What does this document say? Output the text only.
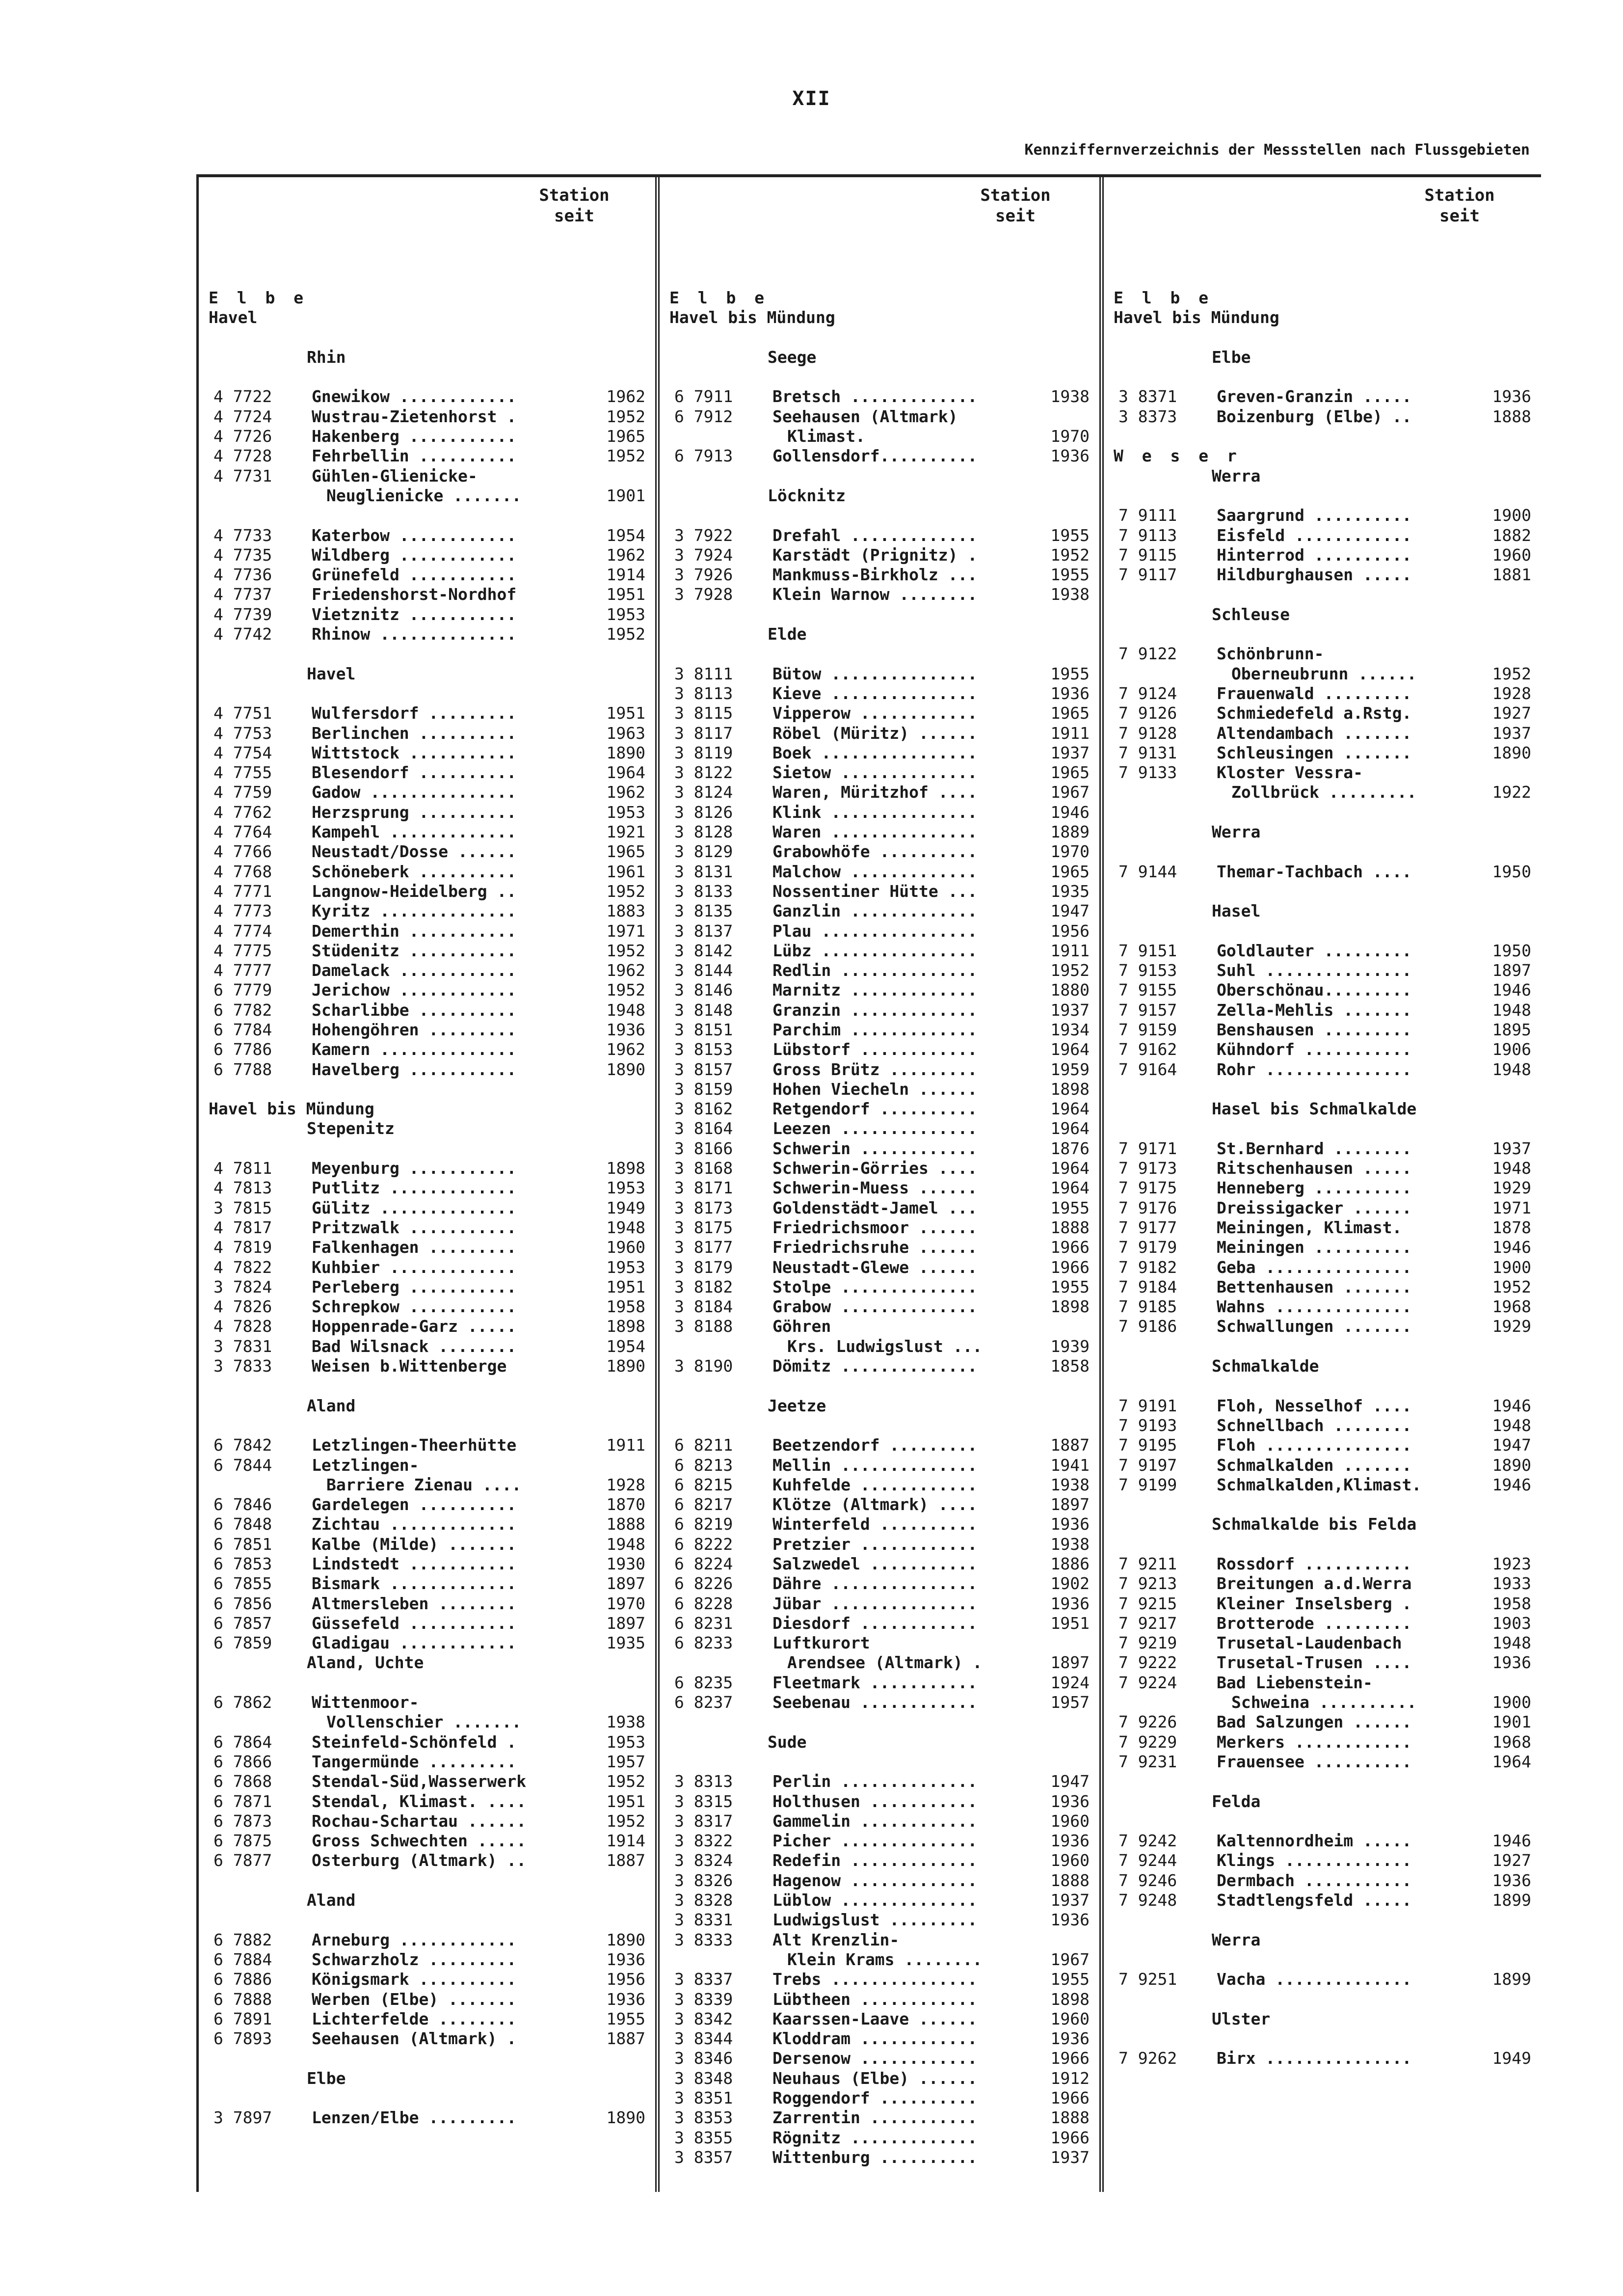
XII
Kennziffernverzeichnis der Messstellen nach Flussgebieten
Station
seit
E l b e
Havel
Rhin
4 7722 Gnewikow ............	1962
4 7724 Wustrau-Zietenhorst .	1952
4 7726 Hakenberg ...........	1965
4 7728 Fehrbellin ..........	1952
4 7731 Gühlen-Glienicke-
Neuglienicke .......	1901
4 7733 Katerbow ............	1954
4 7735 Wildberg ............	1962
4 7736 Grünefeld ...........	1914
4 7737 Friedenshorst-Nordhof	1951
4 7739 Vietznitz ...........	1953
4 7742 Rhinow ..............	1952
Havel
4 7751 Wulfersdorf .........	1951
4 7753 Berlinchen ..........	1963
4 7754 Wittstock ...........	1890
4 7755 Blesendorf ..........	1964
4 7759 Gadow ...............	1962
4 7762 Herzsprung ..........	1953
4 7764 Kampehl .............	1921
4 7766 Neustadt/Dosse ......	1965
4 7768 Schöneberk ..........	1961
4 7771 Langnow-Heidelberg ..	1952
4 7773 Kyritz ..............	1883
4 7774 Demerthin ...........	1971
4 7775 Stüdenitz ...........	1952
4 7777 Damelack ............	1962
6 7779 Jerichow ............	1952
6 7782 Scharlibbe ..........	1948
6 7784 Hohengöhren .........	1936
6 7786 Kamern ..............	1962
6 7788 Havelberg ...........	1890
Havel bis Mündung
Stepenitz
4 7811 Meyenburg ...........	1898
4 7813 Putlitz .............	1953
3 7815 Gülitz ..............	1949
4 7817 Pritzwalk ...........	1948
4 7819 Falkenhagen .........	1960
4 7822 Kuhbier .............	1953
3 7824 Perleberg ...........	1951
4 7826 Schrepkow ...........	1958
4 7828 Hoppenrade-Garz .....	1898
3 7831 Bad Wilsnack ........	1954
3 7833 Weisen b.Wittenberge	1890
Aland
6 7842 Letzlingen-Theerhütte	1911
6 7844 Letzlingen-
Barriere Zienau ....	1928
6 7846 Gardelegen ..........	1870
6 7848 Zichtau .............	1888
6 7851 Kalbe (Milde) .......	1948
6 7853 Lindstedt ...........	1930
6 7855 Bismark .............	1897
6 7856 Altmersleben ........	1970
6 7857 Güssefeld ...........	1897
6 7859 Gladigau ............	1935
Aland, Uchte
6 7862 Wittenmoor-
Vollenschier .......	1938
6 7864 Steinfeld-Schönfeld .	1953
6 7866 Tangermünde .........	1957
6 7868 Stendal-Süd,Wasserwerk	1952
6 7871 Stendal, Klimast. ....	1951
6 7873 Rochau-Schartau ......	1952
6 7875 Gross Schwechten .....	1914
6 7877 Osterburg (Altmark) ..	1887
Aland
6 7882 Arneburg ............	1890
6 7884 Schwarzholz .........	1936
6 7886 Königsmark ..........	1956
6 7888 Werben (Elbe) .......	1936
6 7891 Lichterfelde ........	1955
6 7893 Seehausen (Altmark) .	1887
Elbe
3 7897 Lenzen/Elbe .........	1890
Station
seit
E l b e
Havel bis Mündung
Seege
6 7911 Bretsch .............	1938
6 7912 Seehausen (Altmark)
Klimast.	1970
6 7913 Gollensdorf..........	1936
Löcknitz
3 7922 Drefahl .............	1955
3 7924 Karstädt (Prignitz) .	1952
3 7926 Mankmuss-Birkholz ...	1955
3 7928 Klein Warnow ........	1938
Elde
3 8111 Bütow ...............	1955
3 8113 Kieve ...............	1936
3 8115 Vipperow ............	1965
3 8117 Röbel (Müritz) ......	1911
3 8119 Boek ................	1937
3 8122 Sietow ..............	1965
3 8124 Waren, Müritzhof ....	1967
3 8126 Klink ...............	1946
3 8128 Waren ...............	1889
3 8129 Grabowhöfe ..........	1970
3 8131 Malchow .............	1965
3 8133 Nossentiner Hütte ...	1935
3 8135 Ganzlin .............	1947
3 8137 Plau ................	1956
3 8142 Lübz ................	1911
3 8144 Redlin ..............	1952
3 8146 Marnitz .............	1880
3 8148 Granzin .............	1937
3 8151 Parchim .............	1934
3 8153 Lübstorf ............	1964
3 8157 Gross Brütz .........	1959
3 8159 Hohen Viecheln ......	1898
3 8162 Retgendorf ..........	1964
3 8164 Leezen ..............	1964
3 8166 Schwerin ............	1876
3 8168 Schwerin-Görries ....	1964
3 8171 Schwerin-Muess ......	1964
3 8173 Goldenstädt-Jamel ...	1955
3 8175 Friedrichsmoor ......	1888
3 8177 Friedrichsruhe ......	1966
3 8179 Neustadt-Glewe ......	1966
3 8182 Stolpe ..............	1955
3 8184 Grabow ..............	1898
3 8188 Göhren
Krs. Ludwigslust ...	1939
3 8190 Dömitz ..............	1858
Jeetze
6 8211 Beetzendorf .........	1887
6 8213 Mellin ..............	1941
6 8215 Kuhfelde ............	1938
6 8217 Klötze (Altmark) ....	1897
6 8219 Winterfeld ..........	1936
6 8222 Pretzier ............	1938
6 8224 Salzwedel ...........	1886
6 8226 Dähre ...............	1902
6 8228 Jübar ...............	1936
6 8231 Diesdorf ............	1951
6 8233 Luftkurort
Arendsee (Altmark) .	1897
6 8235 Fleetmark ...........	1924
6 8237 Seebenau ............	1957
Sude
3 8313 Perlin ..............	1947
3 8315 Holthusen ...........	1936
3 8317 Gammelin ............	1960
3 8322 Picher ..............	1936
3 8324 Redefin .............	1960
3 8326 Hagenow .............	1888
3 8328 Lüblow ..............	1937
3 8331 Ludwigslust .........	1936
3 8333 Alt Krenzlin-
Klein Krams ........	1967
3 8337 Trebs ...............	1955
3 8339 Lübtheen ............	1898
3 8342 Kaarssen-Laave ......	1960
3 8344 Kloddram ............	1936
3 8346 Dersenow ............	1966
3 8348 Neuhaus (Elbe) ......	1912
3 8351 Roggendorf ..........	1966
3 8353 Zarrentin ...........	1888
3 8355 Rögnitz .............	1966
3 8357 Wittenburg ..........	1937
Station
seit
E l b e
Havel bis Mündung
Elbe
3 8371 Greven-Granzin .....	1936
3 8373 Boizenburg (Elbe) ..	1888
W e s e r
Werra
7 9111 Saargrund ..........	1900
7 9113 Eisfeld ............	1882
7 9115 Hinterrod ..........	1960
7 9117 Hildburghausen .....	1881
Schleuse
7 9122 Schönbrunn-
Oberneubrunn ......	1952
7 9124 Frauenwald .........	1928
7 9126 Schmiedefeld a.Rstg.	1927
7 9128 Altendambach .......	1937
7 9131 Schleusingen .......	1890
7 9133 Kloster Vessra-
Zollbrück .........	1922
Werra
7 9144 Themar-Tachbach ....	1950
Hasel
7 9151 Goldlauter .........	1950
7 9153 Suhl ...............	1897
7 9155 Oberschönau.........	1946
7 9157 Zella-Mehlis .......	1948
7 9159 Benshausen .........	1895
7 9162 Kühndorf ...........	1906
7 9164 Rohr ...............	1948
Hasel bis Schmalkalde
7 9171 St.Bernhard ........	1937
7 9173 Ritschenhausen .....	1948
7 9175 Henneberg ..........	1929
7 9176 Dreissigacker ......	1971
7 9177 Meiningen, Klimast.	1878
7 9179 Meiningen ..........	1946
7 9182 Geba ...............	1900
7 9184 Bettenhausen .......	1952
7 9185 Wahns ..............	1968
7 9186 Schwallungen .......	1929
Schmalkalde
7 9191 Floh, Nesselhof ....	1946
7 9193 Schnellbach ........	1948
7 9195 Floh ...............	1947
7 9197 Schmalkalden .......	1890
7 9199 Schmalkalden,Klimast.	1946
Schmalkalde bis Felda
7 9211 Rossdorf ...........	1923
7 9213 Breitungen a.d.Werra	1933
7 9215 Kleiner Inselsberg .	1958
7 9217 Brotterode .........	1903
7 9219 Trusetal-Laudenbach	1948
7 9222 Trusetal-Trusen ....	1936
7 9224 Bad Liebenstein-
Schweina ..........	1900
7 9226 Bad Salzungen ......	1901
7 9229 Merkers ............	1968
7 9231 Frauensee ..........	1964
Felda
7 9242 Kaltennordheim .....	1946
7 9244 Klings .............	1927
7 9246 Dermbach ...........	1936
7 9248 Stadtlengsfeld .....	1899
Werra
7 9251 Vacha ..............	1899
Ulster
7 9262 Birx ...............	1949
